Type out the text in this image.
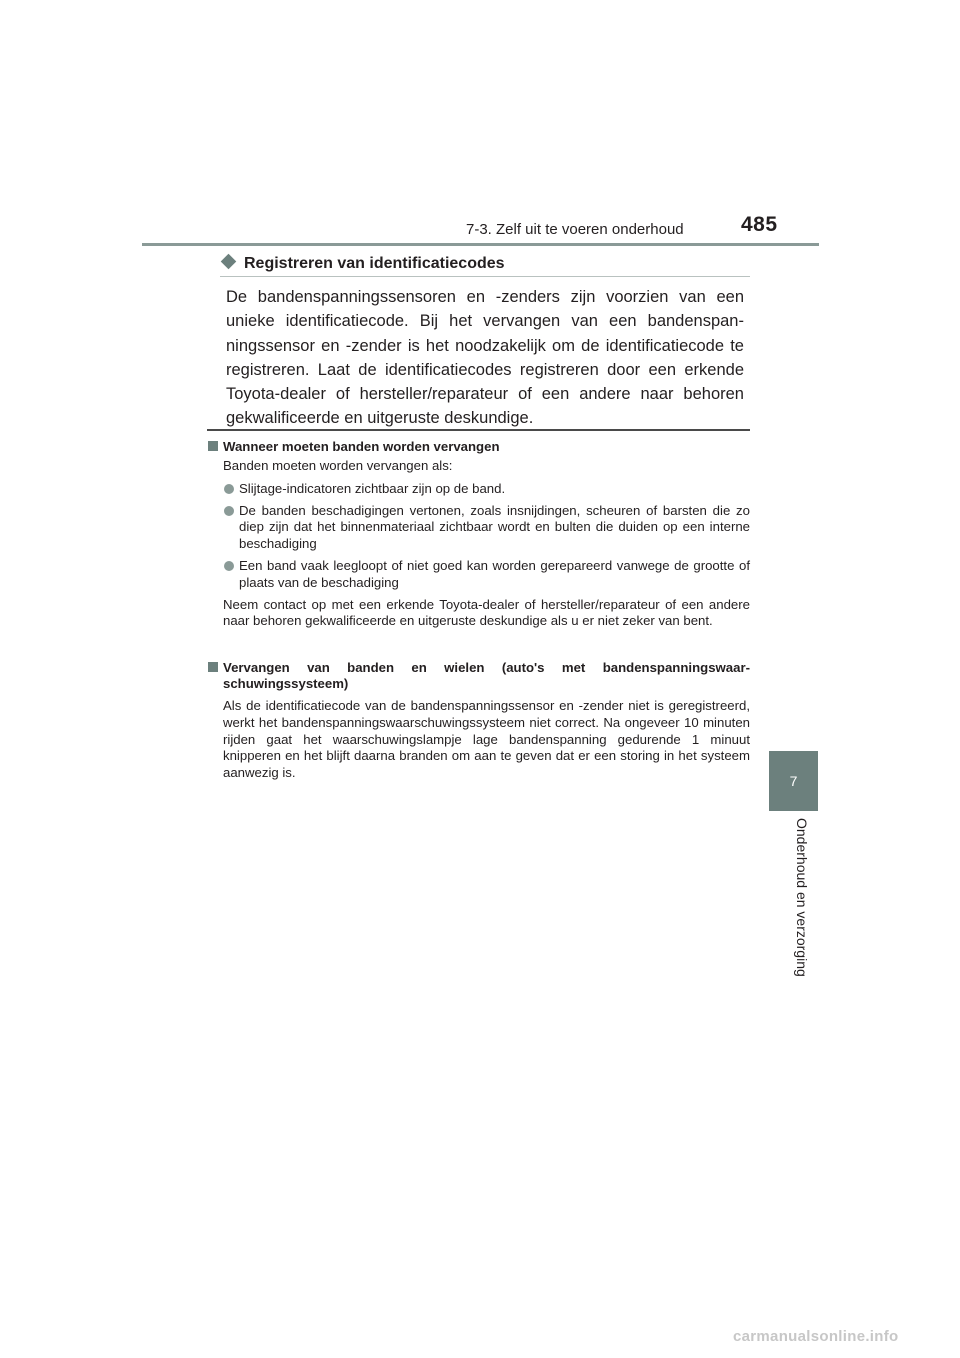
7-3. Zelf uit te voeren onderhoud	485
7
Onderhoud en verzorging
Registreren van identificatiecodes
De bandenspanningssensoren en -zenders zijn voorzien van een unieke identificatiecode. Bij het vervangen van een bandenspanningssensor en -zender is het noodzakelijk om de identificatiecode te registreren. Laat de identificatiecodes registreren door een erkende Toyota-dealer of hersteller/reparateur of een andere naar behoren gekwalificeerde en uitgeruste deskundige.
Wanneer moeten banden worden vervangen
Banden moeten worden vervangen als:
Slijtage-indicatoren zichtbaar zijn op de band.
De banden beschadigingen vertonen, zoals insnijdingen, scheuren of barsten die zo diep zijn dat het binnenmateriaal zichtbaar wordt en bulten die duiden op een interne beschadiging
Een band vaak leegloopt of niet goed kan worden gerepareerd vanwege de grootte of plaats van de beschadiging
Neem contact op met een erkende Toyota-dealer of hersteller/reparateur of een andere naar behoren gekwalificeerde en uitgeruste deskundige als u er niet zeker van bent.
Vervangen van banden en wielen (auto's met bandenspanningswaarschuwingssysteem)
Als de identificatiecode van de bandenspanningssensor en -zender niet is geregistreerd, werkt het bandenspanningswaarschuwingssysteem niet correct. Na ongeveer 10 minuten rijden gaat het waarschuwingslampje lage bandenspanning gedurende 1 minuut knipperen en het blijft daarna branden om aan te geven dat er een storing in het systeem aanwezig is.
carmanualsonline.info
